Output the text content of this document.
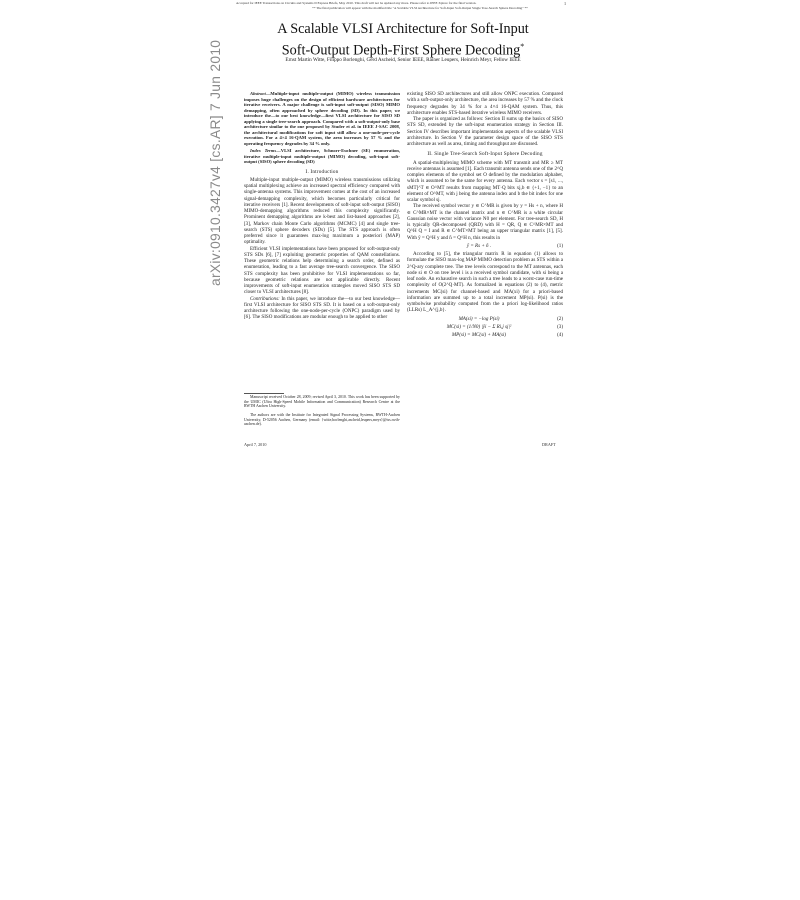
Accepted for IEEE Transactions on Circuits and Systems II Express Briefs, May 2010. This draft will not be updated any more. Please refer to IEEE Xplore for the final version.
** The final publication will appear with the modified title "A Scalable VLSI Architecture for Soft-Input Soft-Output Single Tree-Search Sphere Decoding" **
arXiv:0910.3427v4 [cs.AR] 7 Jun 2010
A Scalable VLSI Architecture for Soft-Input
Soft-Output Depth-First Sphere Decoding*
Ernst Martin Witte, Filippo Borlenghi, Gerd Ascheid, Senior IEEE, Rainer Leupers, Heinrich Meyr, Fellow IEEE

Abstract—Multiple-input multiple-output (MIMO) wireless transmission imposes huge challenges on the design of efficient hardware architectures for iterative receivers. A major challenge is soft-input soft-output (SISO) MIMO demapping, often approached by sphere decoding (SD). In this paper, we introduce the—to our best knowledge—first VLSI architecture for SISO SD applying a single tree-search approach. Compared with a soft-output-only base architecture similar to the one proposed by Studer et al. in IEEE J-SAC 2008, the architectural modifications for soft input still allow a one-node-per-cycle execution. For a 4×4 16-QAM system, the area increases by 57 % and the operating frequency degrades by 34 % only.

Index Terms—VLSI architecture, Schnorr-Euchner (SE) enumeration, iterative multiple-input multiple-output (MIMO) decoding, soft-input soft-output (SISO) sphere decoding (SD)

I. Introduction

Multiple-input multiple-output (MIMO) wireless transmissions utilizing spatial multiplexing achieve an increased spectral efficiency compared with single-antenna systems. This improvement comes at the cost of an increased signal-demapping complexity, which becomes particularly critical for iterative receivers [1]. Recent developments of soft-input soft-output (SISO) MIMO-demapping algorithms reduced this complexity significantly. Prominent demapping algorithms are k-best and list-based approaches [2], [3], Markov chain Monte Carlo algorithms (MCMC) [4] and single tree-search (STS) sphere decoders (SDs) [5]. The STS approach is often preferred since it guarantees max-log maximum a posteriori (MAP) optimality.

Efficient VLSI implementations have been proposed for soft-output-only STS SDs [6], [7] exploiting geometric properties of QAM constellations. These geometric relations help determining a search order, defined as enumeration, leading to a fast average tree-search convergence. The SISO STS complexity has been prohibitive for VLSI implementations so far, because geometric relations are not applicable directly. Recent improvements of soft-input enumeration strategies moved SISO STS SD closer to VLSI architectures [8].

Contributions: In this paper, we introduce the—to our best knowledge—first VLSI architecture for SISO STS SD. It is based on a soft-output-only architecture following the one-node-per-cycle (ONPC) paradigm used by [6]. The SISO modifications are modular enough to be applied to other

Manuscript received October 28, 2009; revised April 3, 2010. This work has been supported by the UMIC (Ultra High-Speed Mobile Information and Communication) Research Centre at the RWTH Aachen University.
The authors are with the Institute for Integrated Signal Processing Systems, RWTH-Aachen University, D-52056 Aachen, Germany (email: {witte,borlenghi,ascheid,leupers,meyr}@iss.rwth-aachen.de).

existing SISO SD architectures and still allow ONPC execution. Compared with a soft-output-only architecture, the area increases by 57 % and the clock frequency degrades by 34 % for a 4×4 16-QAM system. Thus, this architecture enables STS-based iterative wireless MIMO receivers.

The paper is organized as follows: Section II sums up the basics of SISO STS SD, extended by the soft-input enumeration strategy in Section III. Section IV describes important implementation aspects of the scalable VLSI architecture. In Section V the parameter design space of the SISO STS architecture as well as area, timing and throughput are discussed.

II. Single Tree-Search Soft-Input Sphere Decoding

A spatial-multiplexing MIMO scheme with MT transmit and MR ≥ MT receive antennas is assumed [1]. Each transmit antenna sends one of the 2^Q complex elements of the symbol set O defined by the modulation alphabet, which is assumed to be the same for every antenna. Each vector s = [s1, ..., sMT]^T ∈ O^MT results from mapping MT·Q bits xj,b ∈ {+1, −1} to an element of O^MT, with j being the antenna index and b the bit index for one scalar symbol sj.

The received symbol vector y ∈ C^MR is given by y = Hs + n, where H ∈ C^MR×MT is the channel matrix and n ∈ C^MR is a white circular Gaussian noise vector with variance N0 per element. For tree-search SD, H is typically QR-decomposed (QRD) with H = QR, Q ∈ C^MR×MT and Q^H Q = I and R ∈ C^MT×MT being an upper triangular matrix [1], [5]. With ỹ = Q^H y and ñ = Q^H n, this results in

ỹ = Rs + ñ .	(1)

According to [5], the triangular matrix R in equation (1) allows to formulate the SISO max-log MAP MIMO detection problem as STS within a 2^Q-ary complete tree. The tree levels correspond to the MT antennas, each node si ∈ O on tree level i is a received symbol candidate, with si being a leaf node. An exhaustive search in such a tree leads to a worst-case run-time complexity of O(2^Q·MT). As formalized in equations (2) to (4), metric increments MC(si) for channel-based and MA(xi) for a priori-based information are summed up to a total increment MP(si). P(si) is the symbolwise probability computed from the a priori log-likelihood ratios (LLRs) L_A^{j,b}.

MA(si) = −log P(si)	(2)
MC(si) = (1/N0) |ỹi − Σ Ri,j sj|²	(3)
MP(si) = MC(si) + MA(si)	(4)
April 7, 2010	DRAFT
1
